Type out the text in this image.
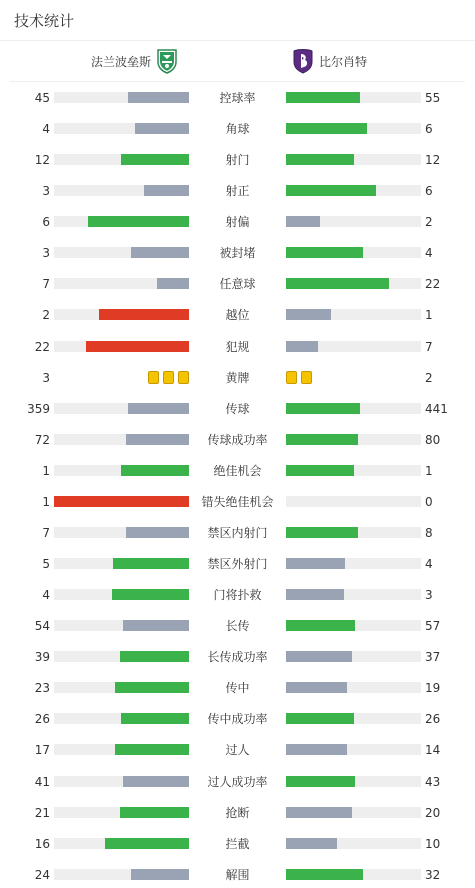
技术统计
法兰波垒斯	比尔肖特
45	控球率	55
4	角球	6
12	射门	12
3	射正	6
6	射偏	2
3	被封堵	4
7	任意球	22
2	越位	1
22	犯规	7
3	黄牌	2
359	传球	441
72	传球成功率	80
1	绝佳机会	1
1	错失绝佳机会	0
7	禁区内射门	8
5	禁区外射门	4
4	门将扑救	3
54	长传	57
39	长传成功率	37
23	传中	19
26	传中成功率	26
17	过人	14
41	过人成功率	43
21	抢断	20
16	拦截	10
24	解围	32
